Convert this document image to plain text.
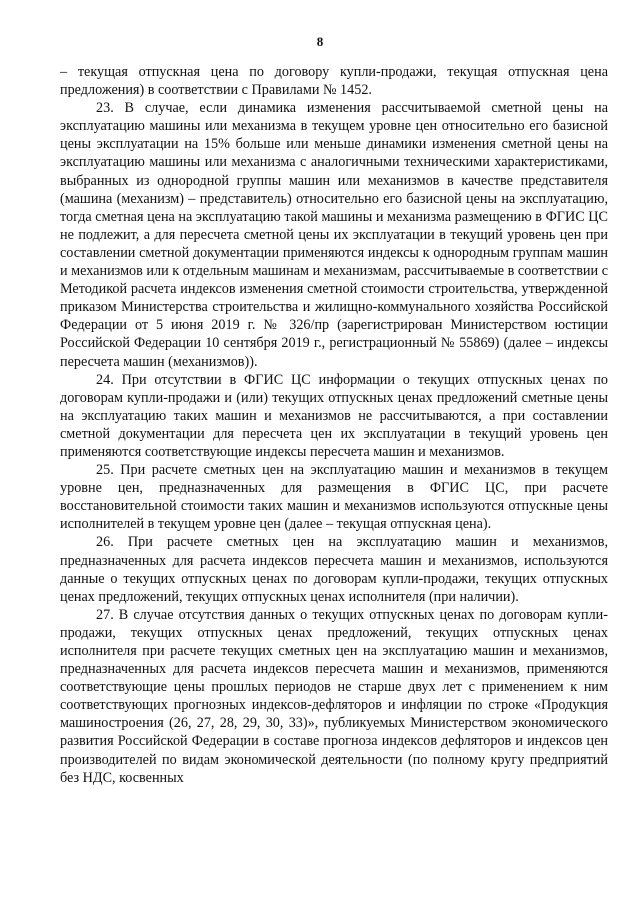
8

– текущая отпускная цена по договору купли-продажи, текущая отпускная цена предложения) в соответствии с Правилами № 1452.

23. В случае, если динамика изменения рассчитываемой сметной цены на эксплуатацию машины или механизма в текущем уровне цен относительно его базисной цены эксплуатации на 15% больше или меньше динамики изменения сметной цены на эксплуатацию машины или механизма с аналогичными техническими характеристиками, выбранных из однородной группы машин или механизмов в качестве представителя (машина (механизм) – представитель) относительно его базисной цены на эксплуатацию, тогда сметная цена на эксплуатацию такой машины и механизма размещению в ФГИС ЦС не подлежит, а для пересчета сметной цены их эксплуатации в текущий уровень цен при составлении сметной документации применяются индексы к однородным группам машин и механизмов или к отдельным машинам и механизмам, рассчитываемые в соответствии с Методикой расчета индексов изменения сметной стоимости строительства, утвержденной приказом Министерства строительства и жилищно-коммунального хозяйства Российской Федерации от 5 июня 2019 г. № 326/пр (зарегистрирован Министерством юстиции Российской Федерации 10 сентября 2019 г., регистрационный № 55869) (далее – индексы пересчета машин (механизмов)).

24. При отсутствии в ФГИС ЦС информации о текущих отпускных ценах по договорам купли-продажи и (или) текущих отпускных ценах предложений сметные цены на эксплуатацию таких машин и механизмов не рассчитываются, а при составлении сметной документации для пересчета цен их эксплуатации в текущий уровень цен применяются соответствующие индексы пересчета машин и механизмов.

25. При расчете сметных цен на эксплуатацию машин и механизмов в текущем уровне цен, предназначенных для размещения в ФГИС ЦС, при расчете восстановительной стоимости таких машин и механизмов используются отпускные цены исполнителей в текущем уровне цен (далее – текущая отпускная цена).

26. При расчете сметных цен на эксплуатацию машин и механизмов, предназначенных для расчета индексов пересчета машин и механизмов, используются данные о текущих отпускных ценах по договорам купли-продажи, текущих отпускных ценах предложений, текущих отпускных ценах исполнителя (при наличии).

27. В случае отсутствия данных о текущих отпускных ценах по договорам купли-продажи, текущих отпускных ценах предложений, текущих отпускных ценах исполнителя при расчете текущих сметных цен на эксплуатацию машин и механизмов, предназначенных для расчета индексов пересчета машин и механизмов, применяются соответствующие цены прошлых периодов не старше двух лет с применением к ним соответствующих прогнозных индексов-дефляторов и инфляции по строке «Продукция машиностроения (26, 27, 28, 29, 30, 33)», публикуемых Министерством экономического развития Российской Федерации в составе прогноза индексов дефляторов и индексов цен производителей по видам экономической деятельности (по полному кругу предприятий без НДС, косвенных
